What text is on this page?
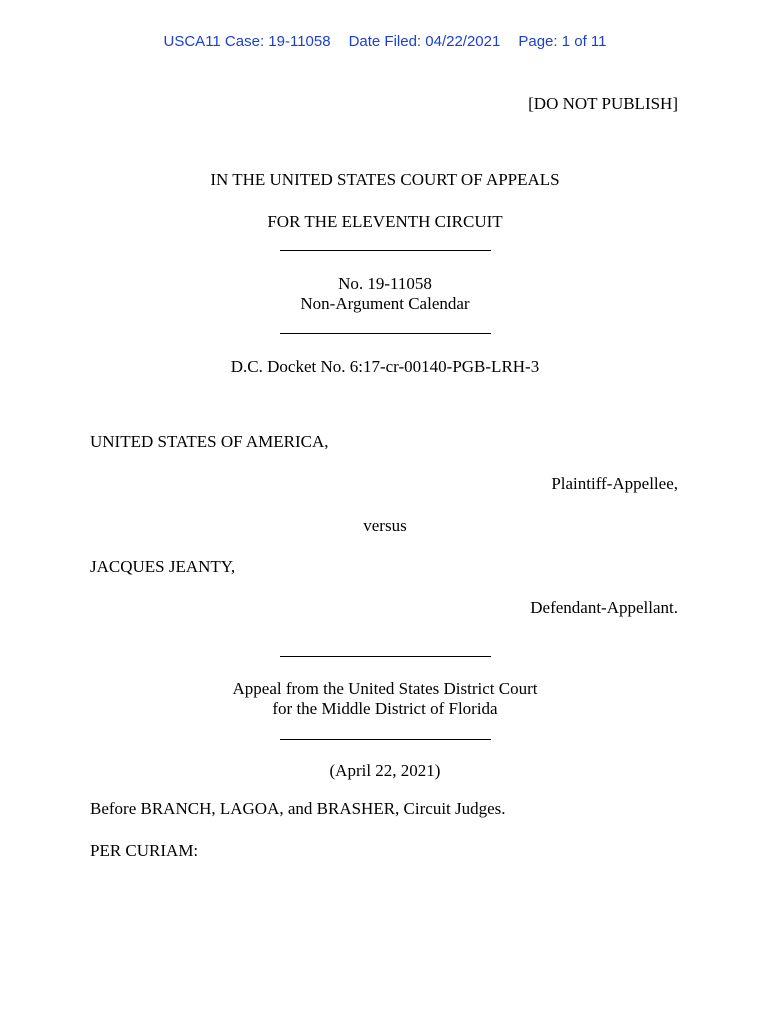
USCA11 Case: 19-11058 Date Filed: 04/22/2021 Page: 1 of 11
[DO NOT PUBLISH]
IN THE UNITED STATES COURT OF APPEALS
FOR THE ELEVENTH CIRCUIT
No. 19-11058
Non-Argument Calendar
D.C. Docket No. 6:17-cr-00140-PGB-LRH-3
UNITED STATES OF AMERICA,
Plaintiff-Appellee,
versus
JACQUES JEANTY,
Defendant-Appellant.
Appeal from the United States District Court
for the Middle District of Florida
(April 22, 2021)
Before BRANCH, LAGOA, and BRASHER, Circuit Judges.
PER CURIAM:
